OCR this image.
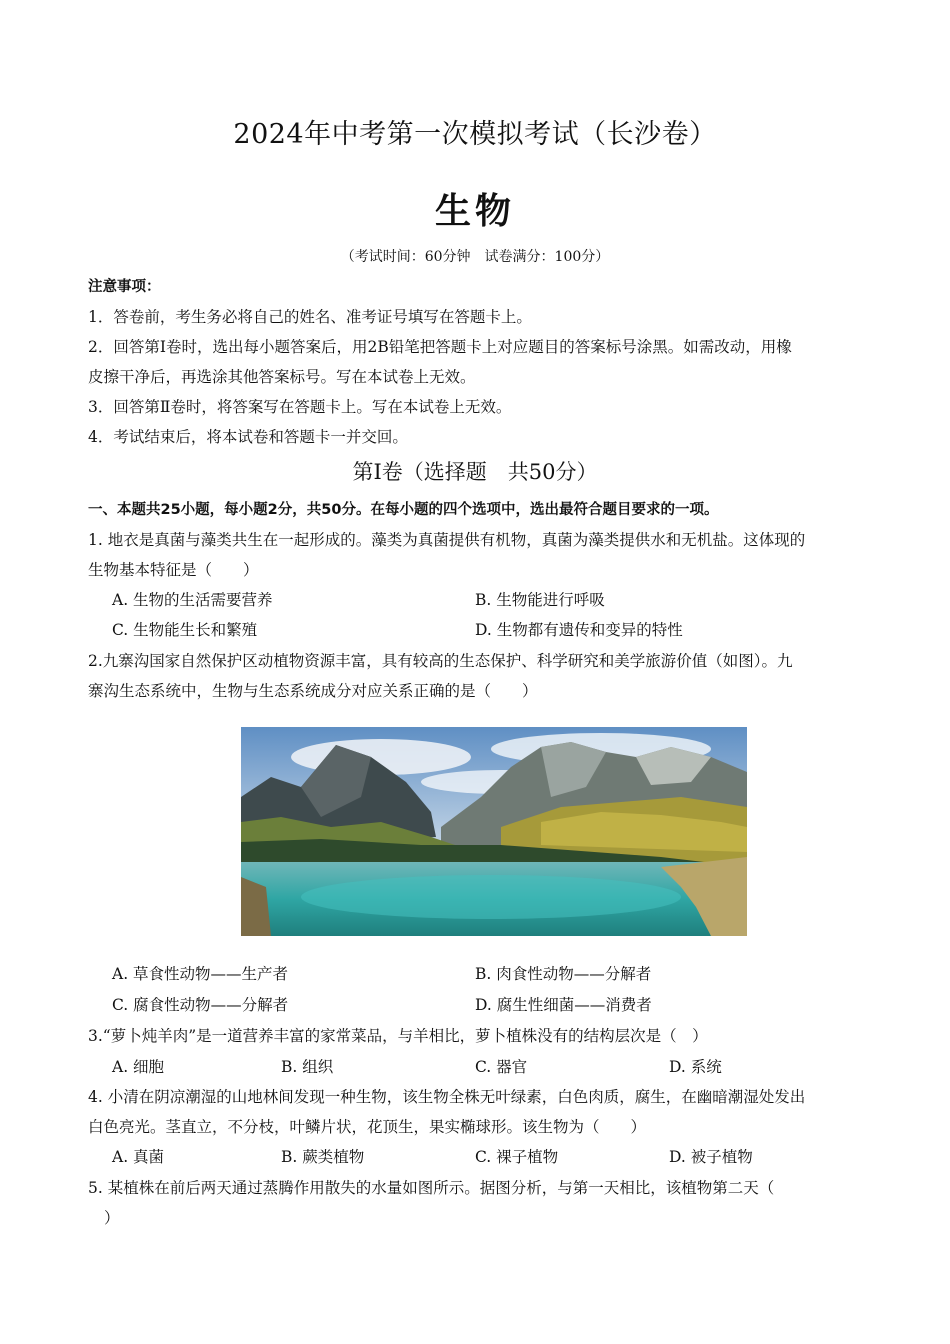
2024年中考第一次模拟考试（长沙卷）
生物
（考试时间：60分钟　试卷满分：100分）
注意事项：
1．答卷前，考生务必将自己的姓名、准考证号填写在答题卡上。
2．回答第Ⅰ卷时，选出每小题答案后，用2B铅笔把答题卡上对应题目的答案标号涂黑。如需改动，用橡
皮擦干净后，再选涂其他答案标号。写在本试卷上无效。
3．回答第Ⅱ卷时，将答案写在答题卡上。写在本试卷上无效。
4．考试结束后，将本试卷和答题卡一并交回。
第Ⅰ卷（选择题　共50分）
一、本题共25小题，每小题2分，共50分。在每小题的四个选项中，选出最符合题目要求的一项。
1. 地衣是真菌与藻类共生在一起形成的。藻类为真菌提供有机物，真菌为藻类提供水和无机盐。这体现的
生物基本特征是（　　）
A. 生物的生活需要营养	B. 生物能进行呼吸
C. 生物能生长和繁殖	D. 生物都有遗传和变异的特性
2.九寨沟国家自然保护区动植物资源丰富，具有较高的生态保护、科学研究和美学旅游价值（如图）。九
寨沟生态系统中，生物与生态系统成分对应关系正确的是（　　）
A. 草食性动物——生产者	B. 肉食性动物——分解者
C. 腐食性动物——分解者	D. 腐生性细菌——消费者
3.“萝卜炖羊肉”是一道营养丰富的家常菜品，与羊相比，萝卜植株没有的结构层次是（　）
A. 细胞	B. 组织	C. 器官	D. 系统
4. 小清在阴凉潮湿的山地林间发现一种生物，该生物全株无叶绿素，白色肉质，腐生，在幽暗潮湿处发出
白色亮光。茎直立，不分枝，叶鳞片状，花顶生，果实椭球形。该生物为（　　）
A. 真菌	B. 蕨类植物	C. 裸子植物	D. 被子植物
5. 某植株在前后两天通过蒸腾作用散失的水量如图所示。据图分析，与第一天相比，该植物第二天（
）
